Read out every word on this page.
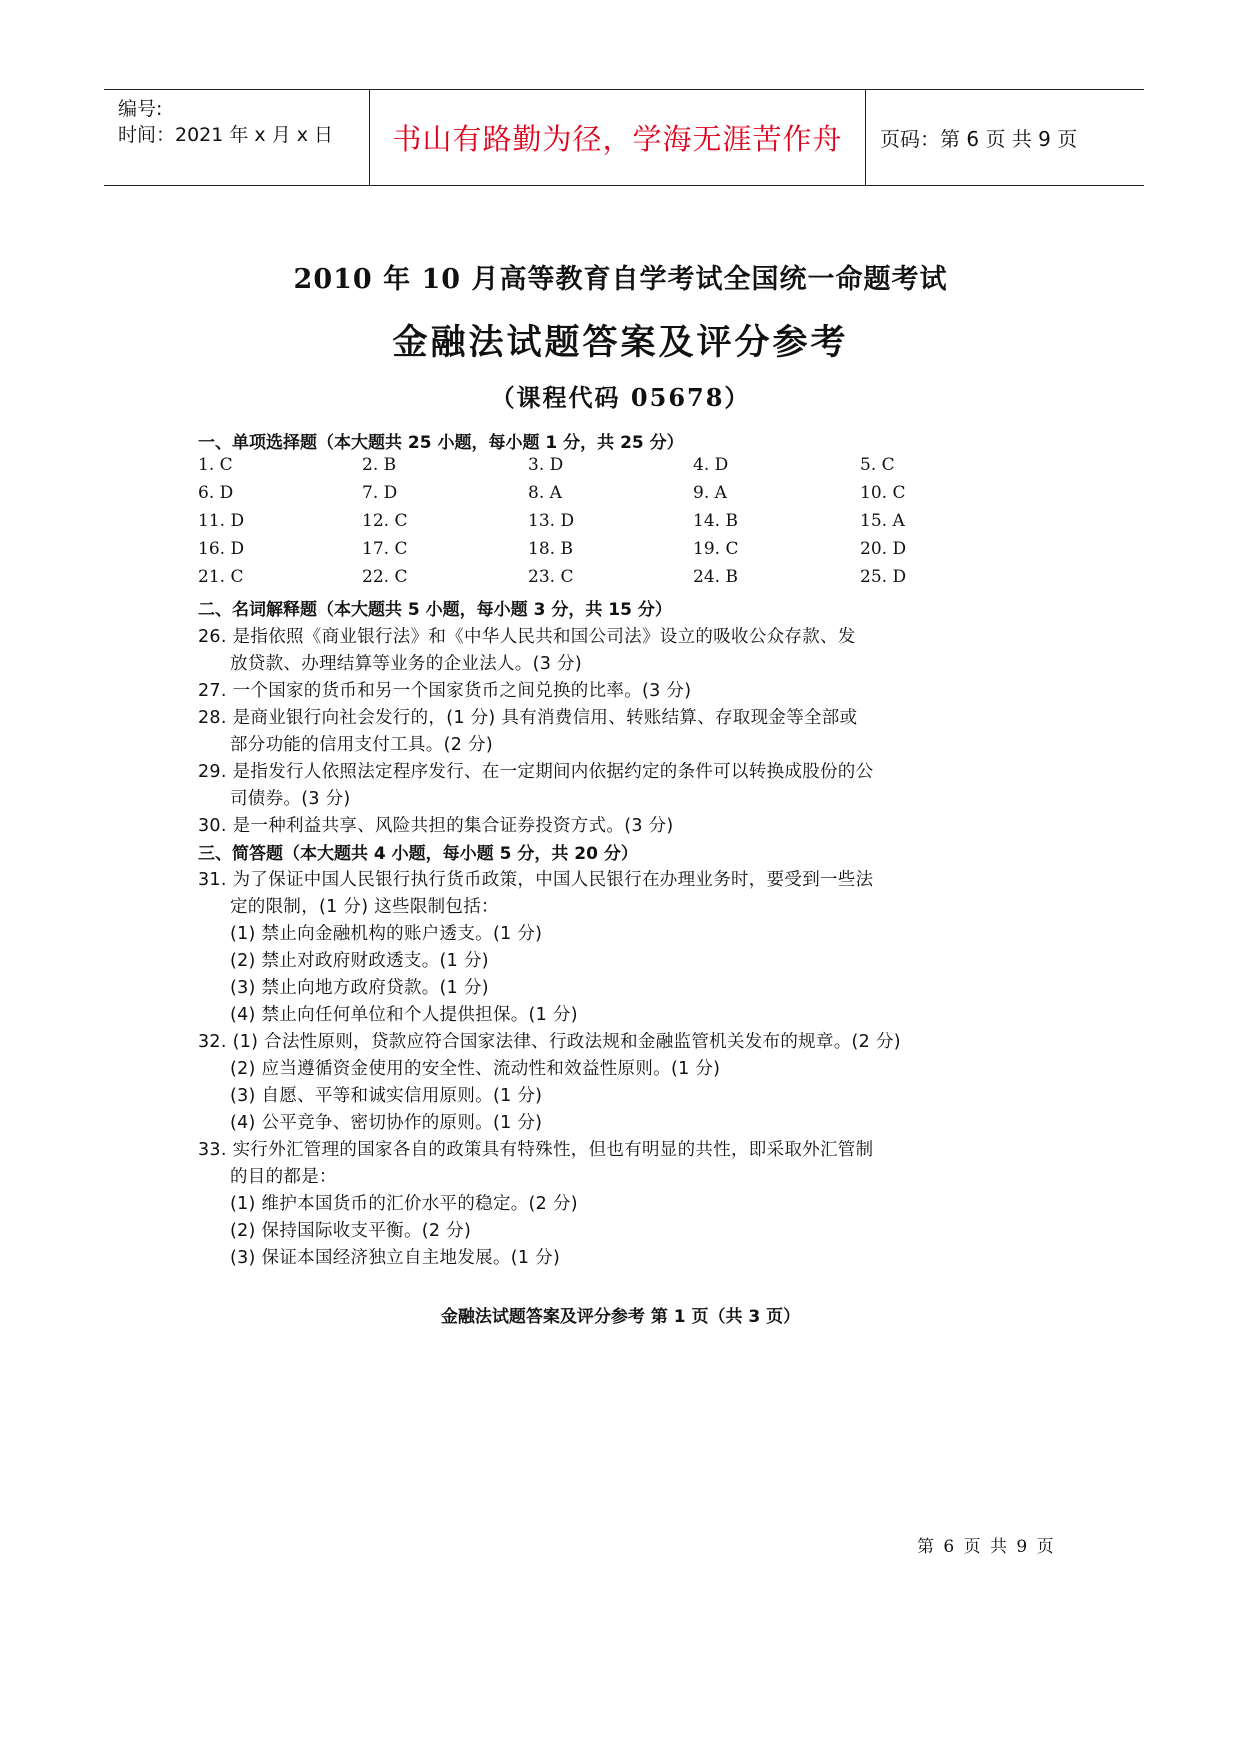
编号:
时间：2021 年 x 月 x 日	书山有路勤为径，学海无涯苦作舟	页码：第 6 页 共 9 页
2010 年 10 月高等教育自学考试全国统一命题考试
金融法试题答案及评分参考
（课程代码 05678）
一、单项选择题（本大题共 25 小题，每小题 1 分，共 25 分）
1. C	2. B	3. D	4. D	5. C
6. D	7. D	8. A	9. A	10. C
11. D	12. C	13. D	14. B	15. A
16. D	17. C	18. B	19. C	20. D
21. C	22. C	23. C	24. B	25. D
二、名词解释题（本大题共 5 小题，每小题 3 分，共 15 分）
26. 是指依照《商业银行法》和《中华人民共和国公司法》设立的吸收公众存款、发
放贷款、办理结算等业务的企业法人。(3 分)
27. 一个国家的货币和另一个国家货币之间兑换的比率。(3 分)
28. 是商业银行向社会发行的，(1 分) 具有消费信用、转账结算、存取现金等全部或
部分功能的信用支付工具。(2 分)
29. 是指发行人依照法定程序发行、在一定期间内依据约定的条件可以转换成股份的公
司债券。(3 分)
30. 是一种利益共享、风险共担的集合证券投资方式。(3 分)
三、简答题（本大题共 4 小题，每小题 5 分，共 20 分）
31. 为了保证中国人民银行执行货币政策，中国人民银行在办理业务时，要受到一些法
定的限制，(1 分) 这些限制包括：
(1) 禁止向金融机构的账户透支。(1 分)
(2) 禁止对政府财政透支。(1 分)
(3) 禁止向地方政府贷款。(1 分)
(4) 禁止向任何单位和个人提供担保。(1 分)
32. (1) 合法性原则，贷款应符合国家法律、行政法规和金融监管机关发布的规章。(2 分)
(2) 应当遵循资金使用的安全性、流动性和效益性原则。(1 分)
(3) 自愿、平等和诚实信用原则。(1 分)
(4) 公平竞争、密切协作的原则。(1 分)
33. 实行外汇管理的国家各自的政策具有特殊性，但也有明显的共性，即采取外汇管制
的目的都是：
(1) 维护本国货币的汇价水平的稳定。(2 分)
(2) 保持国际收支平衡。(2 分)
(3) 保证本国经济独立自主地发展。(1 分)
金融法试题答案及评分参考 第 1 页（共 3 页）
第 6 页 共 9 页
